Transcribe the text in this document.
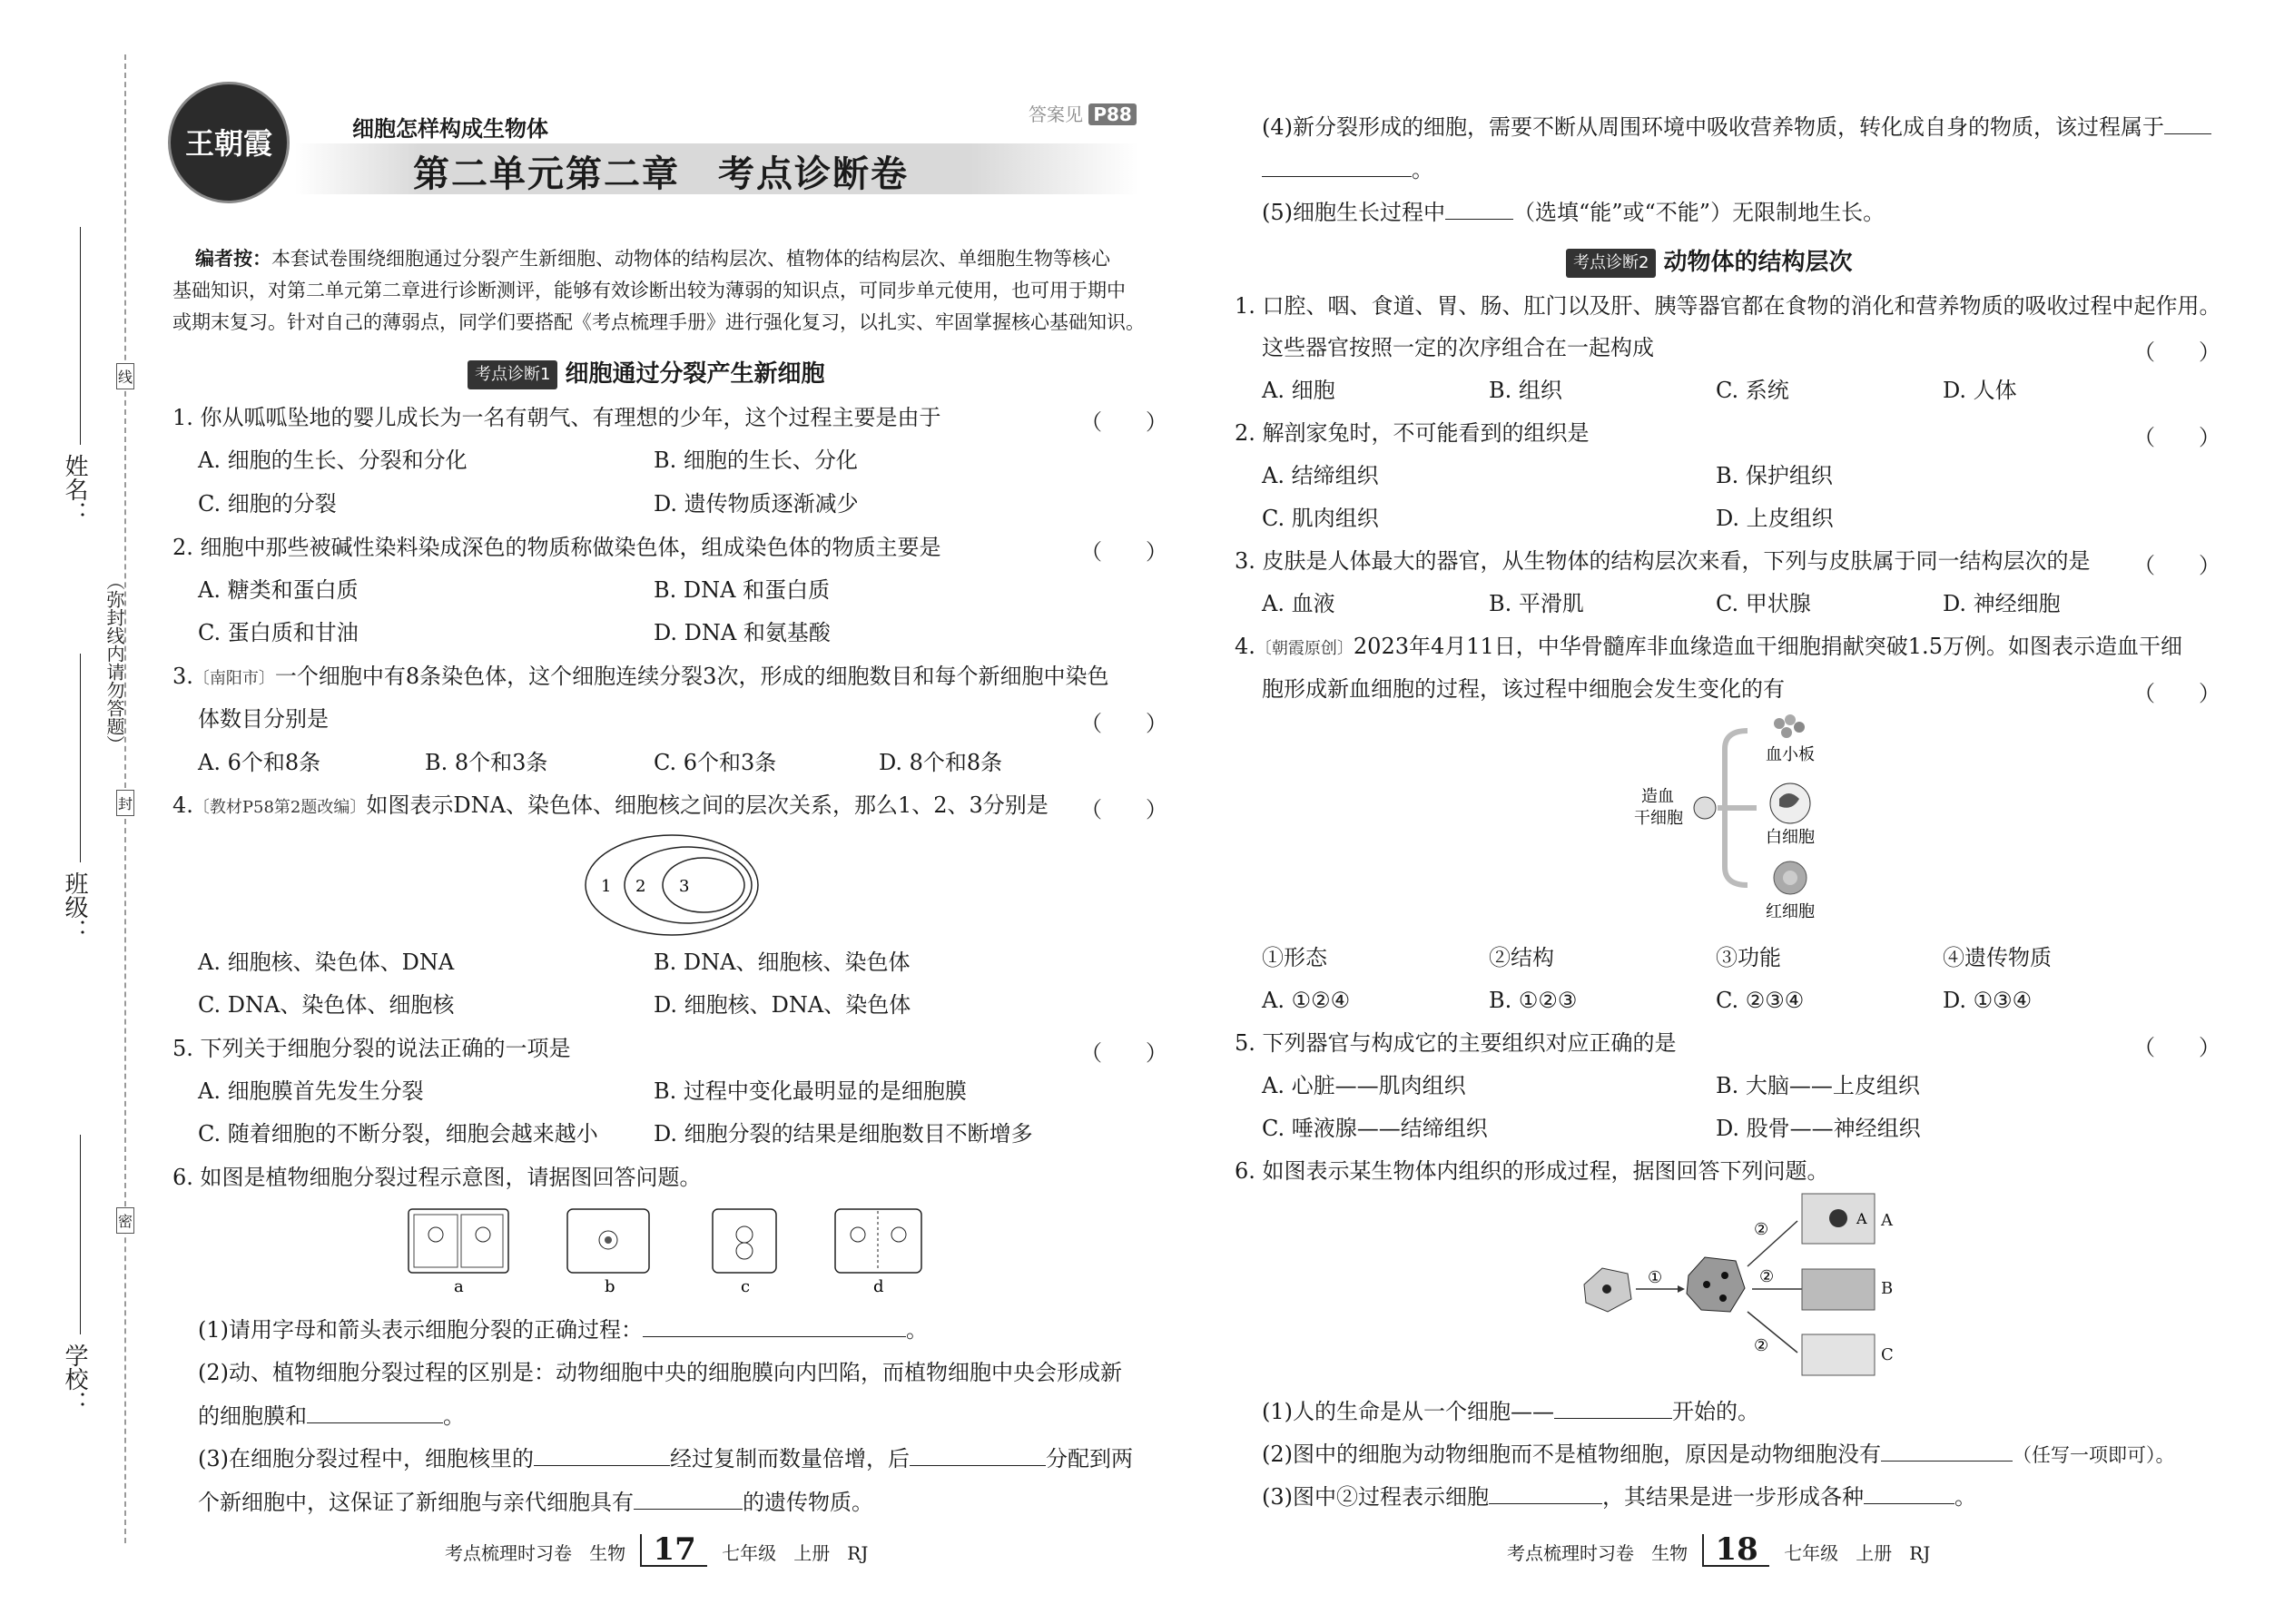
姓名：
班级：
学校：
（弥封线内请勿答题）
线
封
密
王朝霞	细胞怎样构成生物体
第二单元第二章　考点诊断卷
答案见 P88
编者按：本套试卷围绕细胞通过分裂产生新细胞、动物体的结构层次、植物体的结构层次、单细胞生物等核心
基础知识，对第二单元第二章进行诊断测评，能够有效诊断出较为薄弱的知识点，可同步单元使用，也可用于期中
或期末复习。针对自己的薄弱点，同学们要搭配《考点梳理手册》进行强化复习，以扎实、牢固掌握核心基础知识。
考点诊断1 细胞通过分裂产生新细胞
1. 你从呱呱坠地的婴儿成长为一名有朝气、有理想的少年，这个过程主要是由于	（　　）
A. 细胞的生长、分裂和分化	B. 细胞的生长、分化
C. 细胞的分裂	D. 遗传物质逐渐减少
2. 细胞中那些被碱性染料染成深色的物质称做染色体，组成染色体的物质主要是	（　　）
A. 糖类和蛋白质	B. DNA 和蛋白质
C. 蛋白质和甘油	D. DNA 和氨基酸
3.〔南阳市〕一个细胞中有8条染色体，这个细胞连续分裂3次，形成的细胞数目和每个新细胞中染色
体数目分别是	（　　）
A. 6个和8条	B. 8个和3条	C. 6个和3条	D. 8个和8条
4.〔教材P58第2题改编〕如图表示DNA、染色体、细胞核之间的层次关系，那么1、2、3分别是 （　　）
1 2 3
A. 细胞核、染色体、DNA	B. DNA、细胞核、染色体
C. DNA、染色体、细胞核	D. 细胞核、DNA、染色体
5. 下列关于细胞分裂的说法正确的一项是	（　　）
A. 细胞膜首先发生分裂	B. 过程中变化最明显的是细胞膜
C. 随着细胞的不断分裂，细胞会越来越小	D. 细胞分裂的结果是细胞数目不断增多
6. 如图是植物细胞分裂过程示意图，请据图回答问题。
a	b	c	d
(1)请用字母和箭头表示细胞分裂的正确过程：	。
(2)动、植物细胞分裂过程的区别是：动物细胞中央的细胞膜向内凹陷，而植物细胞中央会形成新
的细胞膜和	。
(3)在细胞分裂过程中，细胞核里的	经过复制而数量倍增，后	分配到两
个新细胞中，这保证了新细胞与亲代细胞具有	的遗传物质。
考点梳理时习卷 生物 17 七年级 上册 RJ
(4)新分裂形成的细胞，需要不断从周围环境中吸收营养物质，转化成自身的物质，该过程属于
。
(5)细胞生长过程中	（选填“能”或“不能”）无限制地生长。
考点诊断2 动物体的结构层次
1. 口腔、咽、食道、胃、肠、肛门以及肝、胰等器官都在食物的消化和营养物质的吸收过程中起作用。
这些器官按照一定的次序组合在一起构成	（　　）
A. 细胞	B. 组织	C. 系统	D. 人体
2. 解剖家兔时，不可能看到的组织是	（　　）
A. 结缔组织	B. 保护组织
C. 肌肉组织	D. 上皮组织
3. 皮肤是人体最大的器官，从生物体的结构层次来看，下列与皮肤属于同一结构层次的是 （　　）
A. 血液	B. 平滑肌	C. 甲状腺	D. 神经细胞
4.〔朝霞原创〕2023年4月11日，中华骨髓库非血缘造血干细胞捐献突破1.5万例。如图表示造血干细
胞形成新血细胞的过程，该过程中细胞会发生变化的有	（　　）
造血
干细胞
血小板
白细胞
红细胞
①形态	②结构	③功能	④遗传物质
A. ①②④	B. ①②③	C. ②③④	D. ①③④
5. 下列器官与构成它的主要组织对应正确的是	（　　）
A. 心脏——肌肉组织	B. 大脑——上皮组织
C. 唾液腺——结缔组织	D. 股骨——神经组织
6. 如图表示某生物体内组织的形成过程，据图回答下列问题。
①
②
②
②
A A
B
C
(1)人的生命是从一个细胞——	开始的。
(2)图中的细胞为动物细胞而不是植物细胞，原因是动物细胞没有	（任写一项即可）。
(3)图中②过程表示细胞	，其结果是进一步形成各种	。
考点梳理时习卷 生物 18 七年级 上册 RJ
